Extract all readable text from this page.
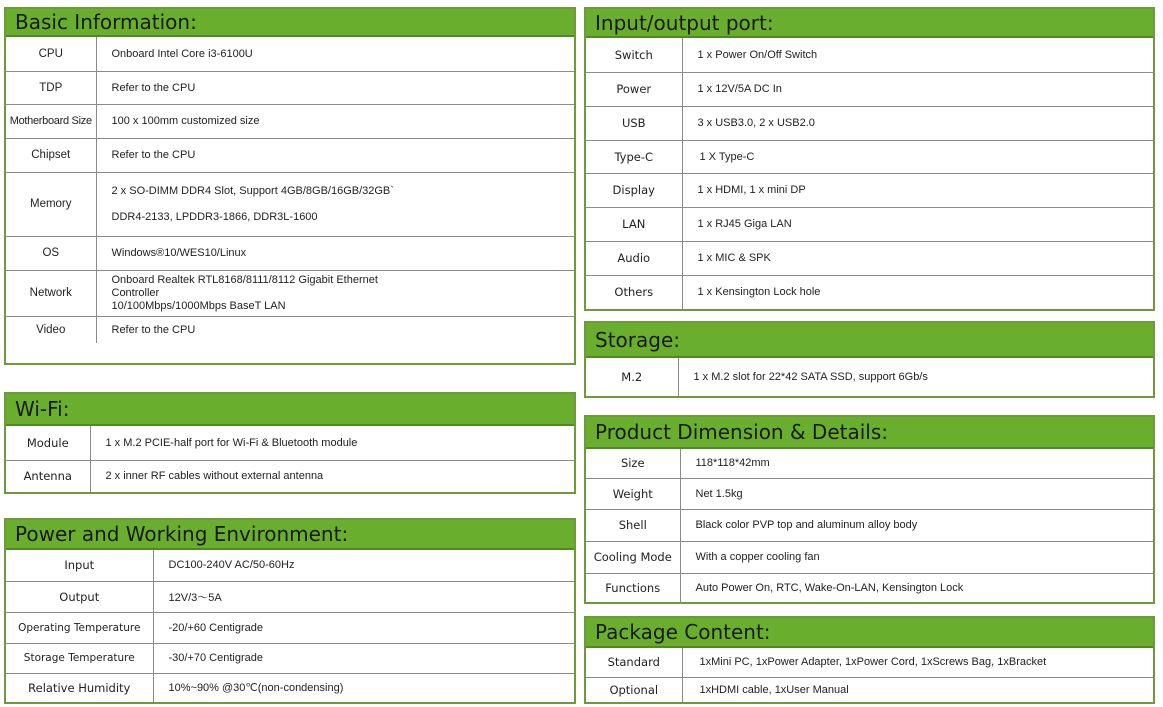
Basic Information:
CPU	Onboard Intel Core i3-6100U
TDP	Refer to the CPU
Motherboard Size	100 x 100mm customized size
Chipset	Refer to the CPU
Memory	2 x SO-DIMM DDR4 Slot, Support 4GB/8GB/16GB/32GB`
DDR4-2133, LPDDR3-1866, DDR3L-1600

OS	Windows®10/WES10/Linux
Network	Onboard Realtek RTL8168/8111/8112 Gigabit Ethernet
Controller
10/100Mbps/1000Mbps BaseT LAN

Video	Refer to the CPU
Wi-Fi:
Module	1 x M.2 PCIE-half port for Wi-Fi & Bluetooth module
Antenna	2 x inner RF cables without external antenna
Power and Working Environment:
Input	DC100-240V AC/50-60Hz
Output	12V/3〜5A
Operating Temperature	-20/+60 Centigrade
Storage Temperature	-30/+70 Centigrade
Relative Humidity	10%~90% @30℃(non-condensing)
Input/output port:
Switch	1 x Power On/Off Switch
Power	1 x 12V/5A DC In
USB	3 x USB3.0, 2 x USB2.0
Type-C	1 X Type-C
Display	1 x HDMI, 1 x mini DP
LAN	1 x RJ45 Giga LAN
Audio	1 x MIC & SPK
Others	1 x Kensington Lock hole
Storage:
M.2	1 x M.2 slot for 22*42 SATA SSD, support 6Gb/s
Product Dimension & Details:
Size	118*118*42mm
Weight	Net 1.5kg
Shell	Black color PVP top and aluminum alloy body
Cooling Mode	With a copper cooling fan
Functions	Auto Power On, RTC, Wake-On-LAN, Kensington Lock
Package Content:
Standard	1xMini PC, 1xPower Adapter, 1xPower Cord, 1xScrews Bag, 1xBracket
Optional	1xHDMI cable, 1xUser Manual
